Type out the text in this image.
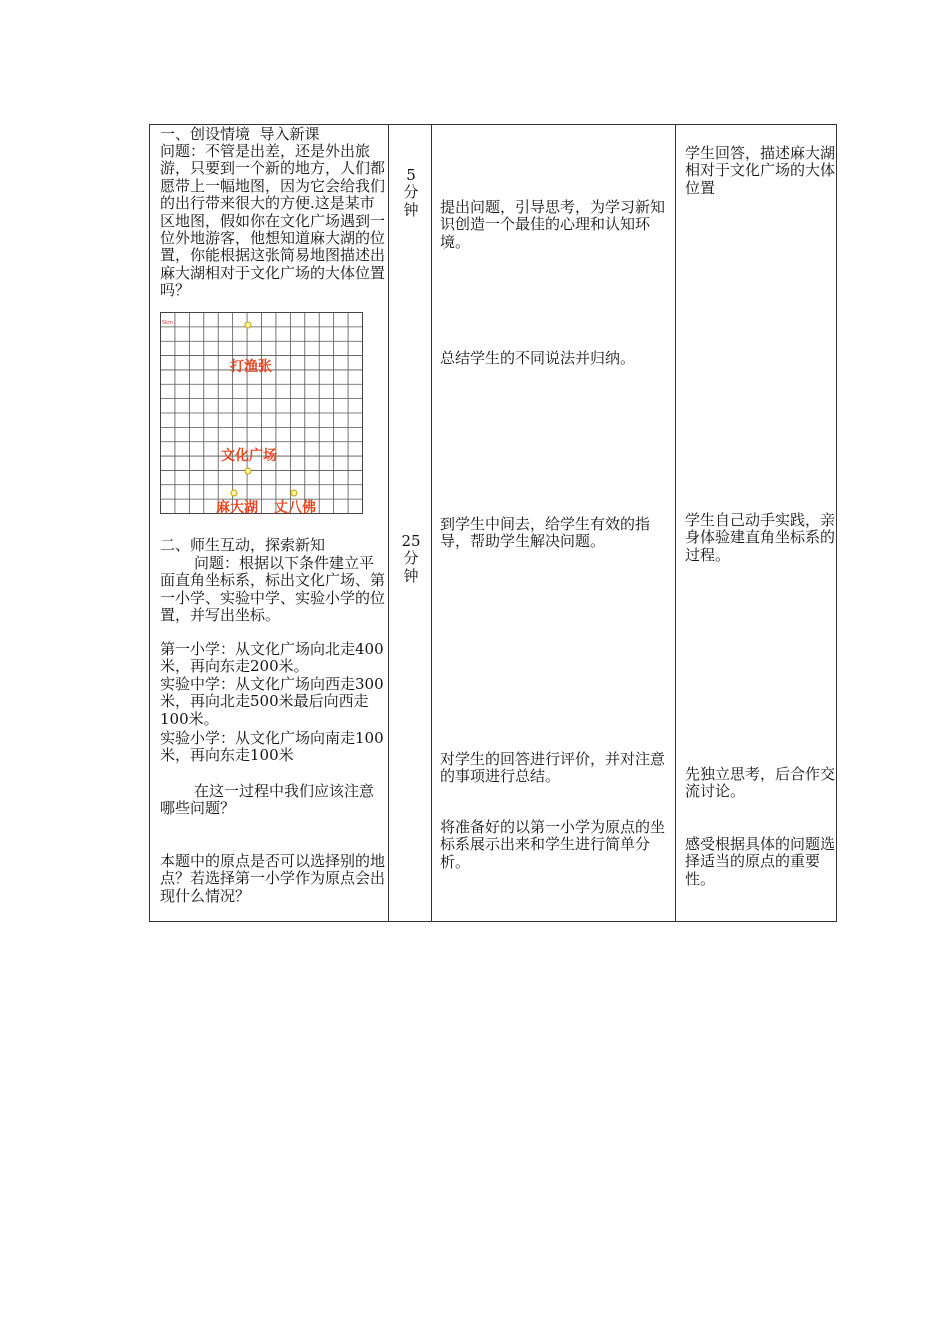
一、创设情境  导入新课
问题：不管是出差，还是外出旅游，只要到一个新的地方，人们都愿带上一幅地图，因为它会给我们的出行带来很大的方便.这是某市区地图，假如你在文化广场遇到一位外地游客，他想知道麻大湖的位置，你能根据这张简易地图描述出麻大湖相对于文化广场的大体位置吗？
5km
打渔张
文化广场
麻大湖 丈八佛
二、师生互动，探索新知
问题：根据以下条件建立平面直角坐标系，标出文化广场、第一小学、实验中学、实验小学的位置，并写出坐标。
第一小学：从文化广场向北走400米，再向东走200米。
实验中学：从文化广场向西走300米，再向北走500米最后向西走100米。
实验小学：从文化广场向南走100米，再向东走100米
在这一过程中我们应该注意哪些问题？
本题中的原点是否可以选择别的地点？若选择第一小学作为原点会出现什么情况？
5
分
钟
25
分
钟
提出问题，引导思考，为学习新知识创造一个最佳的心理和认知环境。
总结学生的不同说法并归纳。
到学生中间去，给学生有效的指导，帮助学生解决问题。
对学生的回答进行评价，并对注意的事项进行总结。
将准备好的以第一小学为原点的坐标系展示出来和学生进行简单分析。
学生回答，描述麻大湖相对于文化广场的大体位置
学生自己动手实践，亲身体验建直角坐标系的过程。
先独立思考，后合作交流讨论。
感受根据具体的问题选择适当的原点的重要性。
